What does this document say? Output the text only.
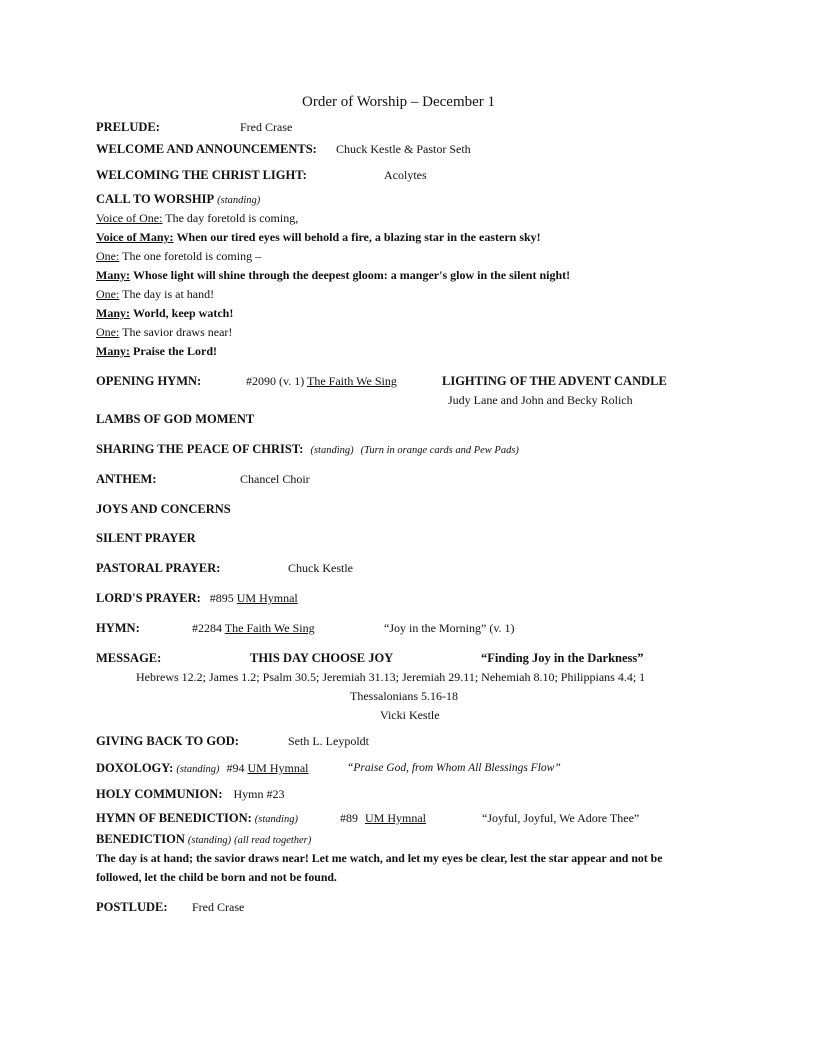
Order of Worship – December 1
PRELUDE:	Fred Crase
WELCOME AND ANNOUNCEMENTS: Chuck Kestle & Pastor Seth
WELCOMING THE CHRIST LIGHT:	Acolytes
CALL TO WORSHIP (standing)
Voice of One: The day foretold is coming,
Voice of Many: When our tired eyes will behold a fire, a blazing star in the eastern sky!
One: The one foretold is coming –
Many: Whose light will shine through the deepest gloom: a manger's glow in the silent night!
One: The day is at hand!
Many: World, keep watch!
One: The savior draws near!
Many: Praise the Lord!
OPENING HYMN:	#2090 (v. 1) The Faith We Sing	LIGHTING OF THE ADVENT CANDLE
Judy Lane and John and Becky Rolich
LAMBS OF GOD MOMENT
SHARING THE PEACE OF CHRIST: (standing) (Turn in orange cards and Pew Pads)
ANTHEM:	Chancel Choir
JOYS AND CONCERNS
SILENT PRAYER
PASTORAL PRAYER:	Chuck Kestle
LORD'S PRAYER: #895 UM Hymnal
HYMN:	#2284 The Faith We Sing	“Joy in the Morning” (v. 1)
MESSAGE:	THIS DAY CHOOSE JOY	“Finding Joy in the Darkness”
Hebrews 12.2; James 1.2; Psalm 30.5; Jeremiah 31.13; Jeremiah 29.11; Nehemiah 8.10; Philippians 4.4; 1
Thessalonians 5.16-18
Vicki Kestle
GIVING BACK TO GOD:	Seth L. Leypoldt
DOXOLOGY: (standing) #94 UM Hymnal	“Praise God, from Whom All Blessings Flow”
HOLY COMMUNION: Hymn #23
HYMN OF BENEDICTION: (standing)	#89 UM Hymnal	“Joyful, Joyful, We Adore Thee”
BENEDICTION (standing) (all read together)
The day is at hand; the savior draws near! Let me watch, and let my eyes be clear, lest the star appear and not be
followed, let the child be born and not be found.
POSTLUDE: Fred Crase
